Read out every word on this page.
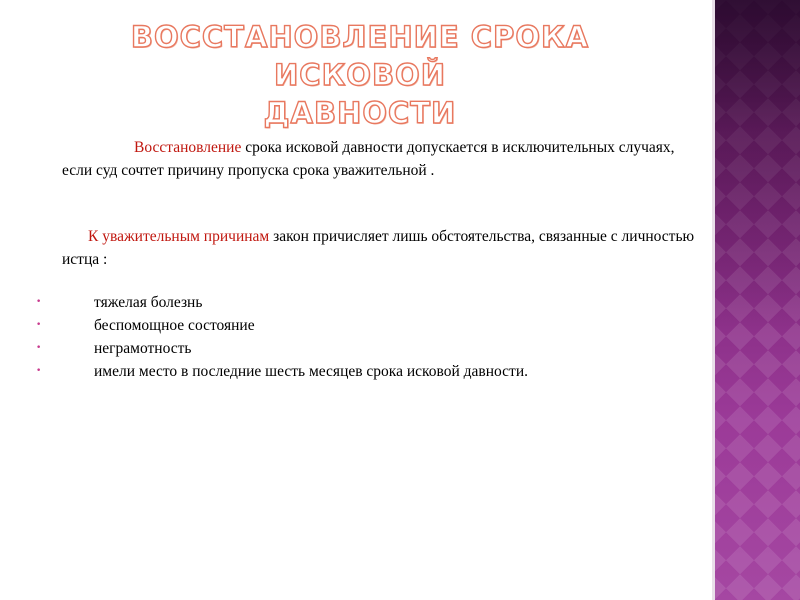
ВОССТАНОВЛЕНИЕ СРОКА ИСКОВОЙ
ДАВНОСТИ
Восстановление срока исковой давности допускается в исключительных случаях, если суд сочтет причину пропуска срока уважительной .
К уважительным причинам закон причисляет лишь обстоятельства, связанные с личностью истца :
•	тяжелая болезнь
•	беспомощное состояние
•	неграмотность
•	имели место в последние шесть месяцев срока исковой давности.
